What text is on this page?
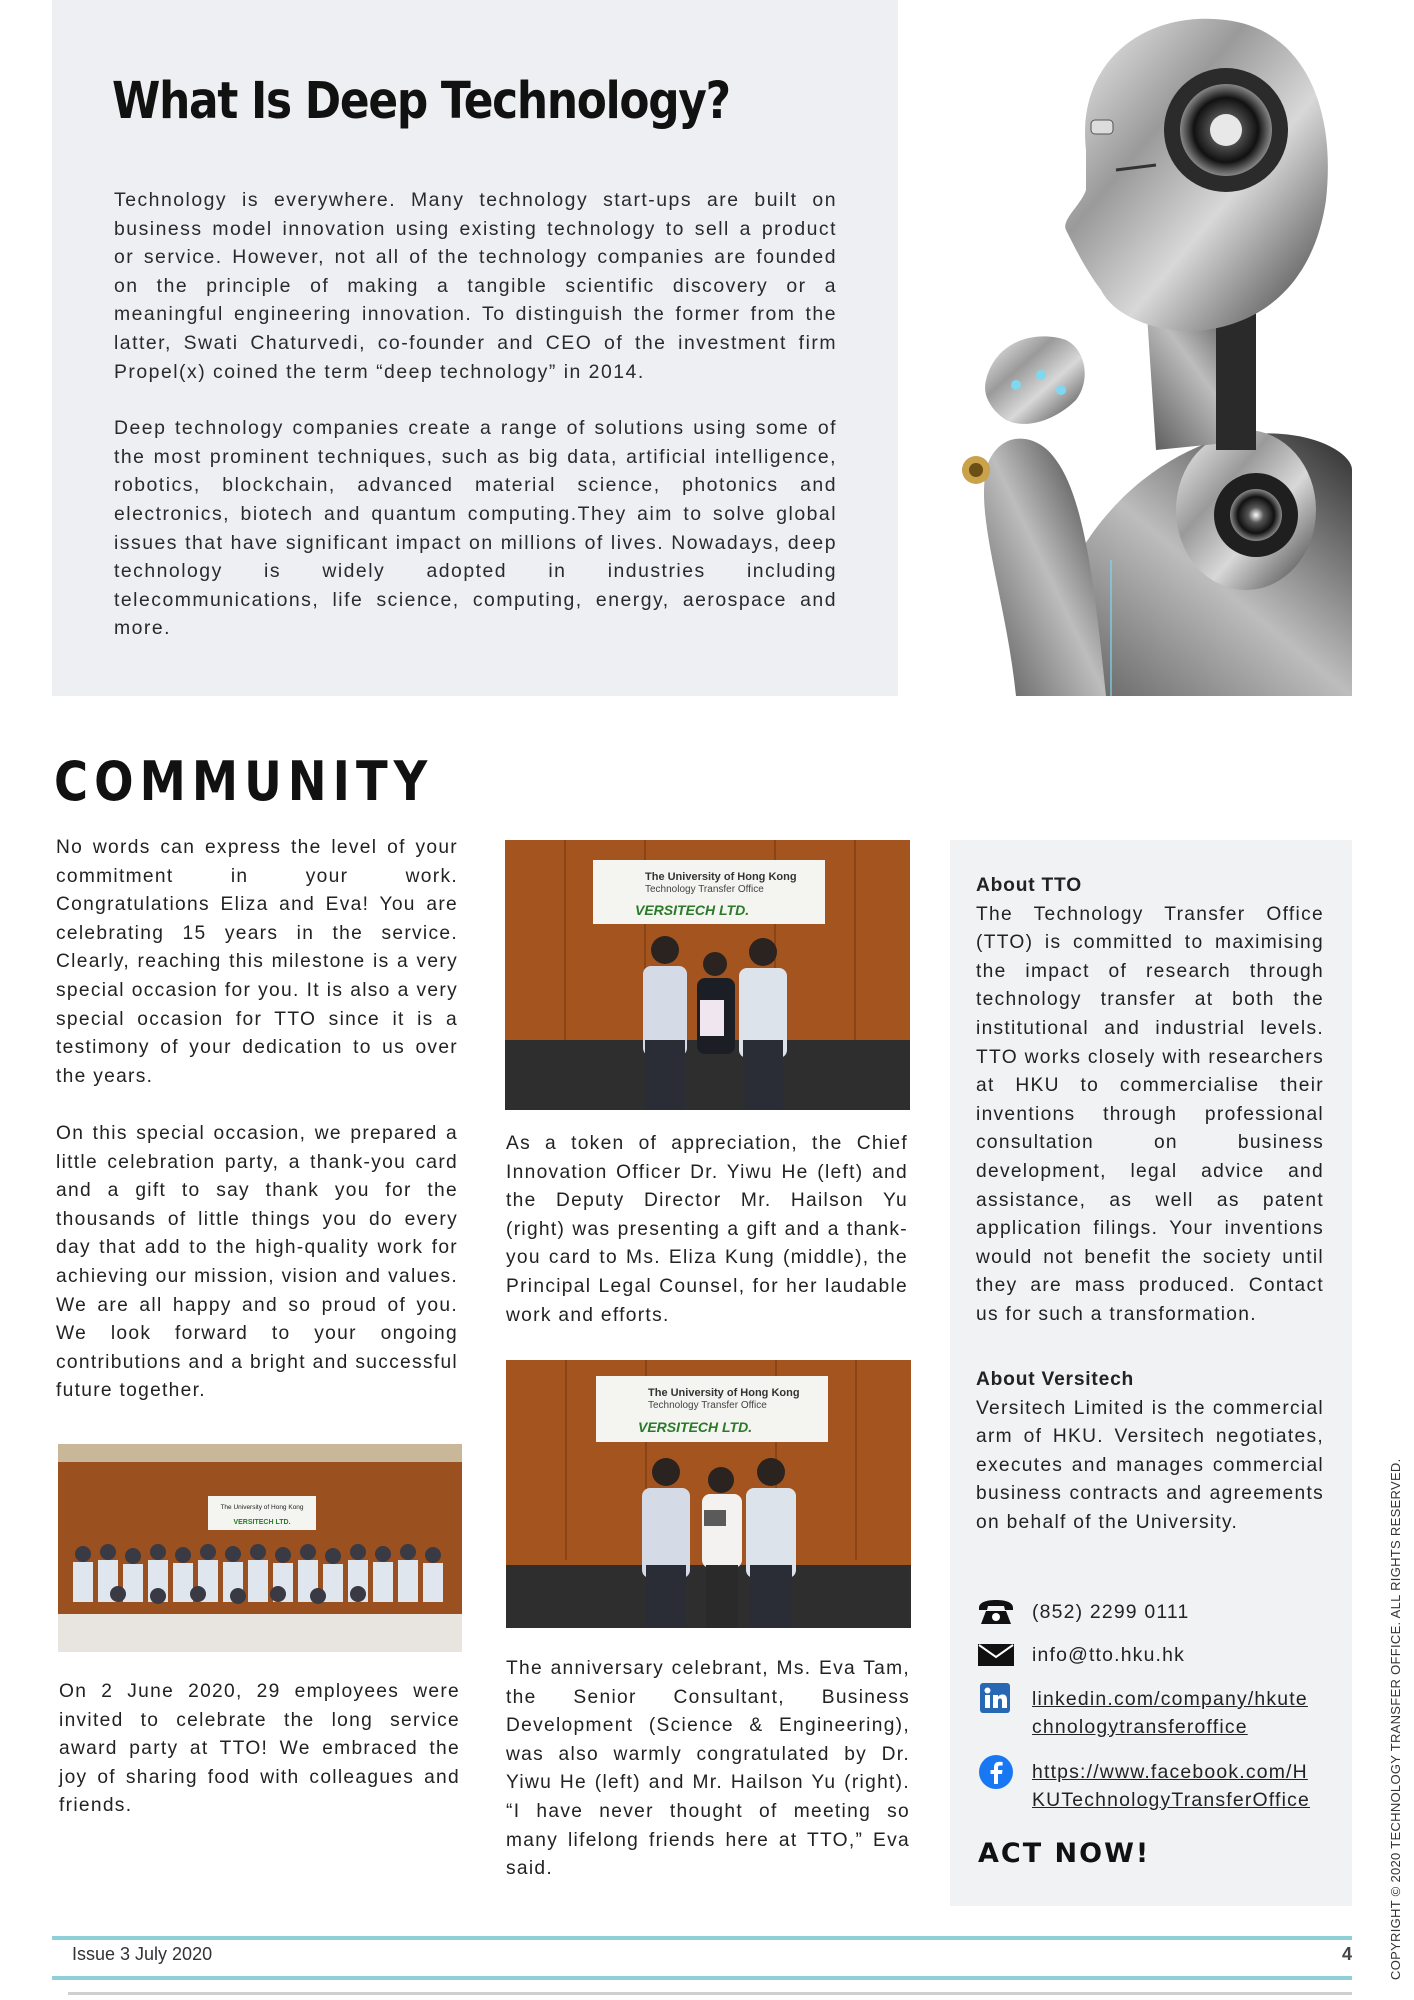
What Is Deep Technology?

Technology is everywhere. Many technology start-ups are built on business model innovation using existing technology to sell a product or service. However, not all of the technology companies are founded on the principle of making a tangible scientific discovery or a meaningful engineering innovation. To distinguish the former from the latter, Swati Chaturvedi, co-founder and CEO of the investment firm Propel(x) coined the term “deep technology” in 2014.

Deep technology companies create a range of solutions using some of the most prominent techniques, such as big data, artificial intelligence, robotics, blockchain, advanced material science, photonics and electronics, biotech and quantum computing.They aim to solve global issues that have significant impact on millions of lives. Nowadays, deep technology is widely adopted in industries including telecommunications, life science, computing, energy, aerospace and more.

COMMUNITY

No words can express the level of your commitment in your work. Congratulations Eliza and Eva! You are celebrating 15 years in the service. Clearly, reaching this milestone is a very special occasion for you. It is also a very special occasion for TTO since it is a testimony of your dedication to us over the years.

On this special occasion, we prepared a little celebration party, a thank-you card and a gift to say thank you for the thousands of little things you do every day that add to the high-quality work for achieving our mission, vision and values. We are all happy and so proud of you. We look forward to your ongoing contributions and a bright and successful future together.

The University of Hong Kong
VERSITECH LTD.
On 2 June 2020, 29 employees were invited to celebrate the long service award party at TTO! We embraced the joy of sharing food with colleagues and friends.
The University of Hong Kong
Technology Transfer Office
VERSITECH LTD.
As a token of appreciation, the Chief Innovation Officer Dr. Yiwu He (left) and the Deputy Director Mr. Hailson Yu (right) was presenting a gift and a thank-you card to Ms. Eliza Kung (middle), the Principal Legal Counsel, for her laudable work and efforts.
The University of Hong Kong
Technology Transfer Office
VERSITECH LTD.
The anniversary celebrant, Ms. Eva Tam, the Senior Consultant, Business Development (Science & Engineering), was also warmly congratulated by Dr. Yiwu He (left) and Mr. Hailson Yu (right). “I have never thought of meeting so many lifelong friends here at TTO,” Eva said.
About TTO
The Technology Transfer Office (TTO) is committed to maximising the impact of research through technology transfer at both the institutional and industrial levels. TTO works closely with researchers at HKU to commercialise their inventions through professional consultation on business development, legal advice and assistance, as well as patent application filings. Your inventions would not benefit the society until they are mass produced. Contact us for such a transformation.
About Versitech
Versitech Limited is the commercial arm of HKU. Versitech negotiates, executes and manages commercial business contracts and agreements on behalf of the University.
(852) 2299 0111
info@tto.hku.hk
linkedin.com/company/hkute
chnologytransferoffice
https://www.facebook.com/H
KUTechnologyTransferOffice
ACT NOW!
Issue 3 July 2020	4	COPYRIGHT © 2020 TECHNOLOGY TRANSFER OFFICE. ALL RIGHTS RESERVED.
